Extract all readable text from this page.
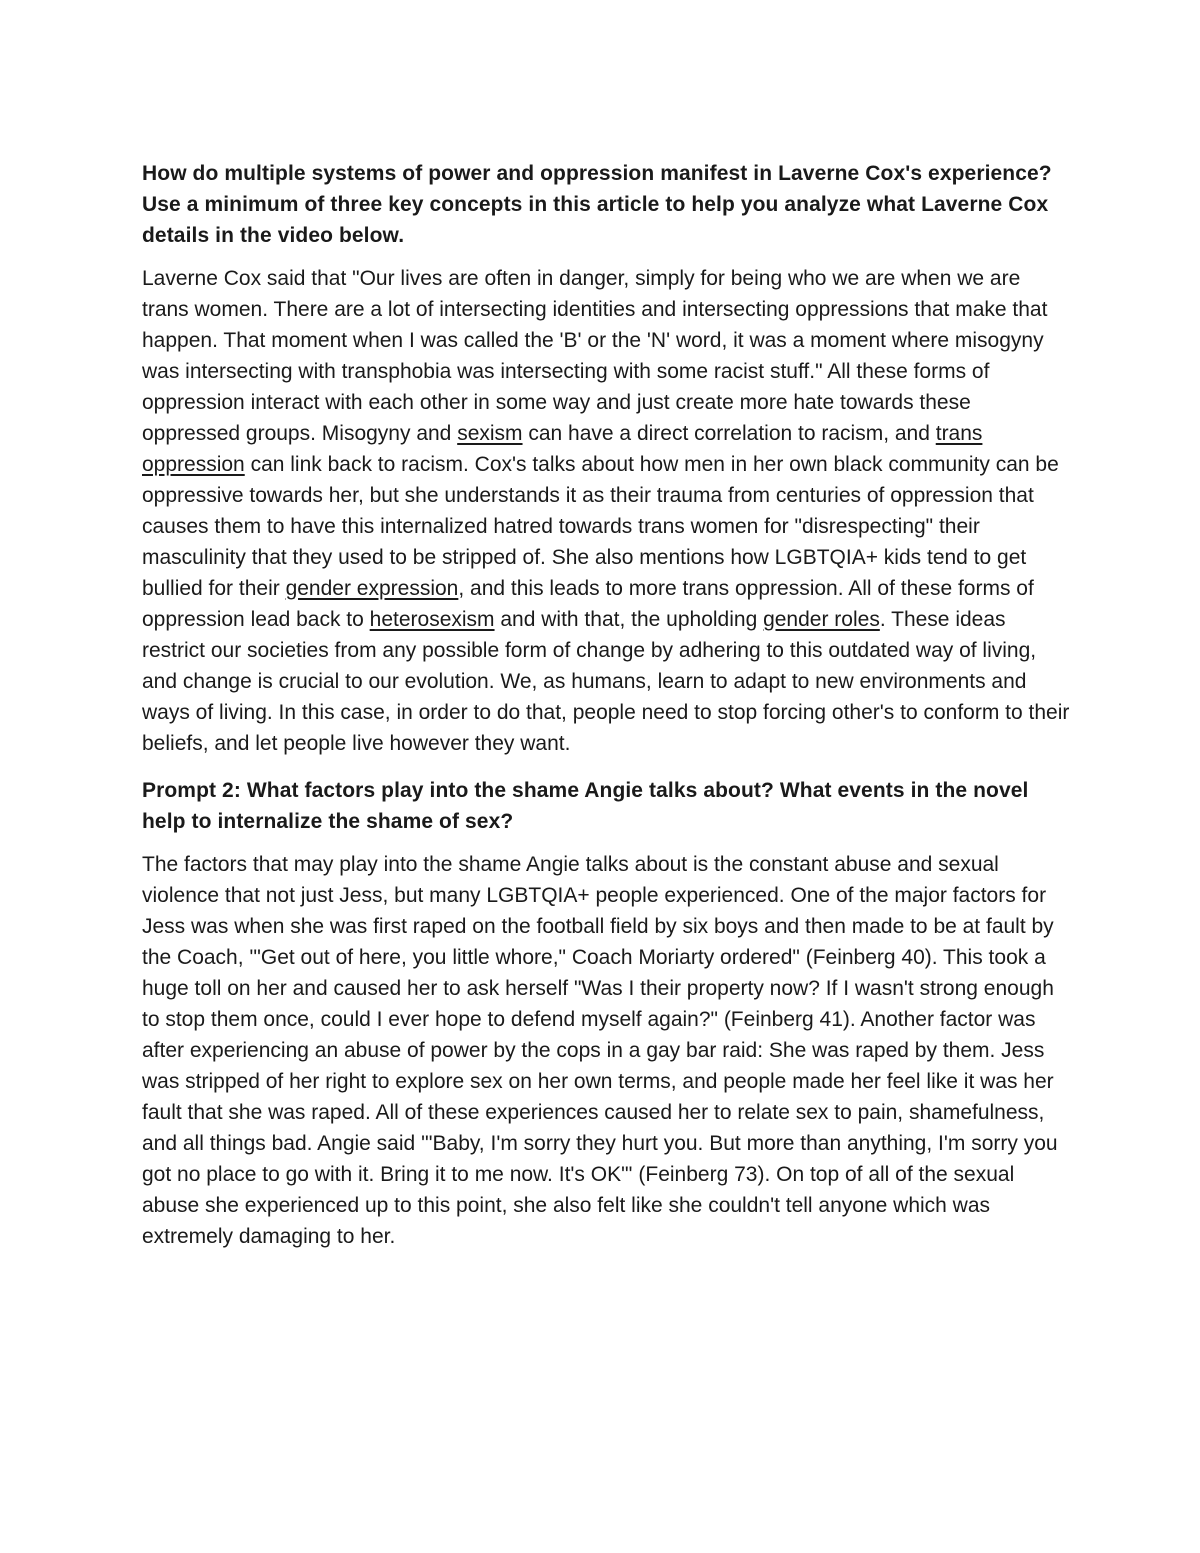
How do multiple systems of power and oppression manifest in Laverne Cox's experience? Use a minimum of three key concepts in this article to help you analyze what Laverne Cox details in the video below.

Laverne Cox said that "Our lives are often in danger, simply for being who we are when we are trans women. There are a lot of intersecting identities and intersecting oppressions that make that happen. That moment when I was called the 'B' or the 'N' word, it was a moment where misogyny was intersecting with transphobia was intersecting with some racist stuff." All these forms of oppression interact with each other in some way and just create more hate towards these oppressed groups. Misogyny and sexism can have a direct correlation to racism, and trans oppression can link back to racism. Cox's talks about how men in her own black community can be oppressive towards her, but she understands it as their trauma from centuries of oppression that causes them to have this internalized hatred towards trans women for "disrespecting" their masculinity that they used to be stripped of. She also mentions how LGBTQIA+ kids tend to get bullied for their gender expression, and this leads to more trans oppression. All of these forms of oppression lead back to heterosexism and with that, the upholding gender roles. These ideas restrict our societies from any possible form of change by adhering to this outdated way of living, and change is crucial to our evolution. We, as humans, learn to adapt to new environments and ways of living. In this case, in order to do that, people need to stop forcing other's to conform to their beliefs, and let people live however they want.

Prompt 2: What factors play into the shame Angie talks about? What events in the novel help to internalize the shame of sex?

The factors that may play into the shame Angie talks about is the constant abuse and sexual violence that not just Jess, but many LGBTQIA+ people experienced. One of the major factors for Jess was when she was first raped on the football field by six boys and then made to be at fault by the Coach, '"Get out of here, you little whore," Coach Moriarty ordered" (Feinberg 40). This took a huge toll on her and caused her to ask herself "Was I their property now? If I wasn't strong enough to stop them once, could I ever hope to defend myself again?" (Feinberg 41). Another factor was after experiencing an abuse of power by the cops in a gay bar raid: She was raped by them. Jess was stripped of her right to explore sex on her own terms, and people made her feel like it was her fault that she was raped. All of these experiences caused her to relate sex to pain, shamefulness, and all things bad. Angie said '"Baby, I'm sorry they hurt you. But more than anything, I'm sorry you got no place to go with it. Bring it to me now. It's OK"' (Feinberg 73). On top of all of the sexual abuse she experienced up to this point, she also felt like she couldn't tell anyone which was extremely damaging to her.
